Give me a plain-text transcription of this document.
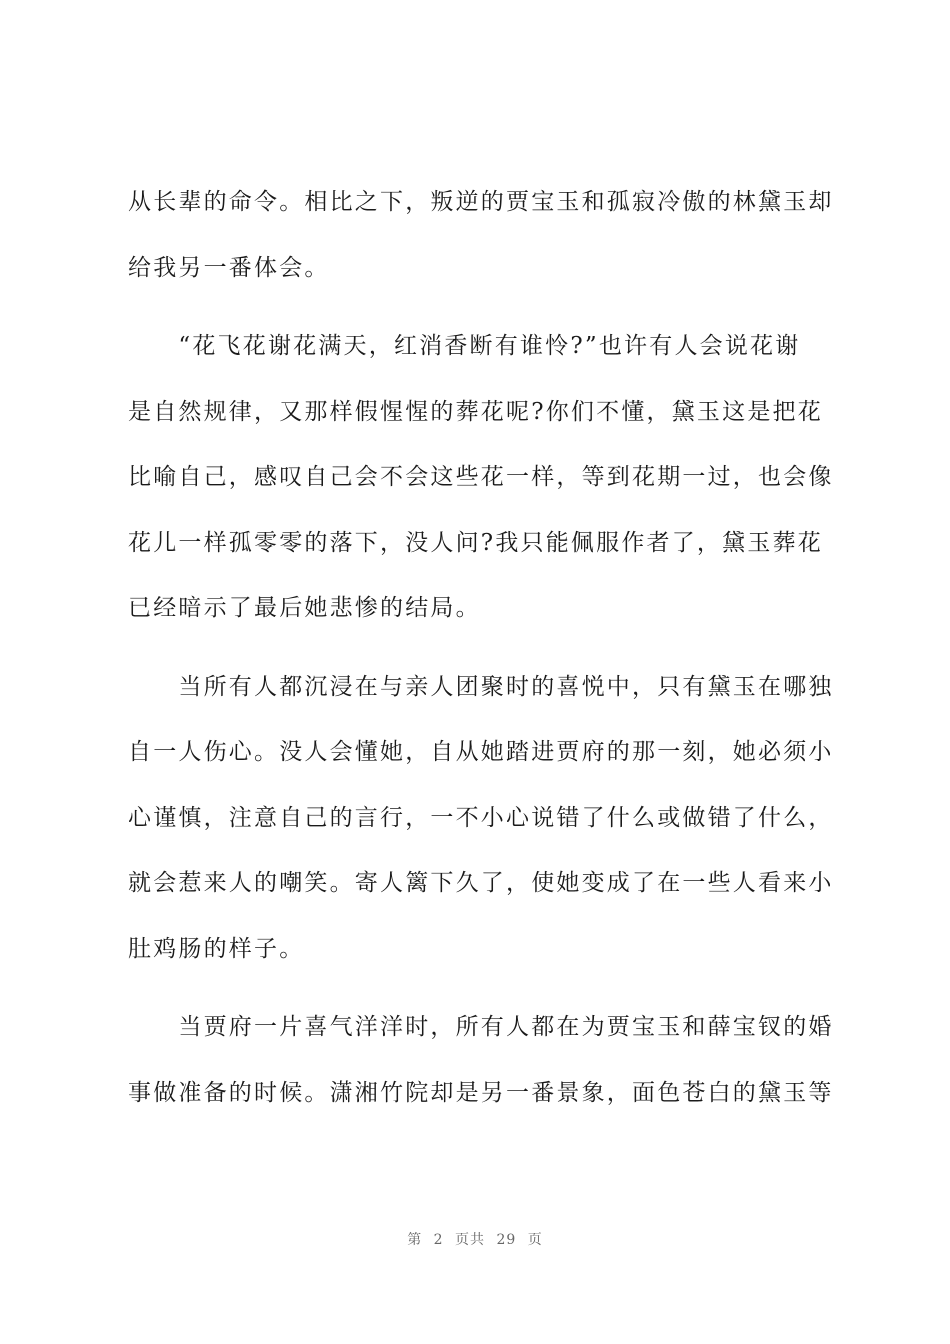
从长辈的命令。相比之下，叛逆的贾宝玉和孤寂冷傲的林黛玉却
给我另一番体会。
　　“花飞花谢花满天，红消香断有谁怜?”也许有人会说花谢
是自然规律，又那样假惺惺的葬花呢?你们不懂，黛玉这是把花
比喻自己，感叹自己会不会这些花一样，等到花期一过，也会像
花儿一样孤零零的落下，没人问?我只能佩服作者了，黛玉葬花
已经暗示了最后她悲惨的结局。
　　当所有人都沉浸在与亲人团聚时的喜悦中，只有黛玉在哪独
自一人伤心。没人会懂她，自从她踏进贾府的那一刻，她必须小
心谨慎，注意自己的言行，一不小心说错了什么或做错了什么，
就会惹来人的嘲笑。寄人篱下久了，使她变成了在一些人看来小
肚鸡肠的样子。
　　当贾府一片喜气洋洋时，所有人都在为贾宝玉和薛宝钗的婚
事做准备的时候。潇湘竹院却是另一番景象，面色苍白的黛玉等
第 2 页共 29 页
